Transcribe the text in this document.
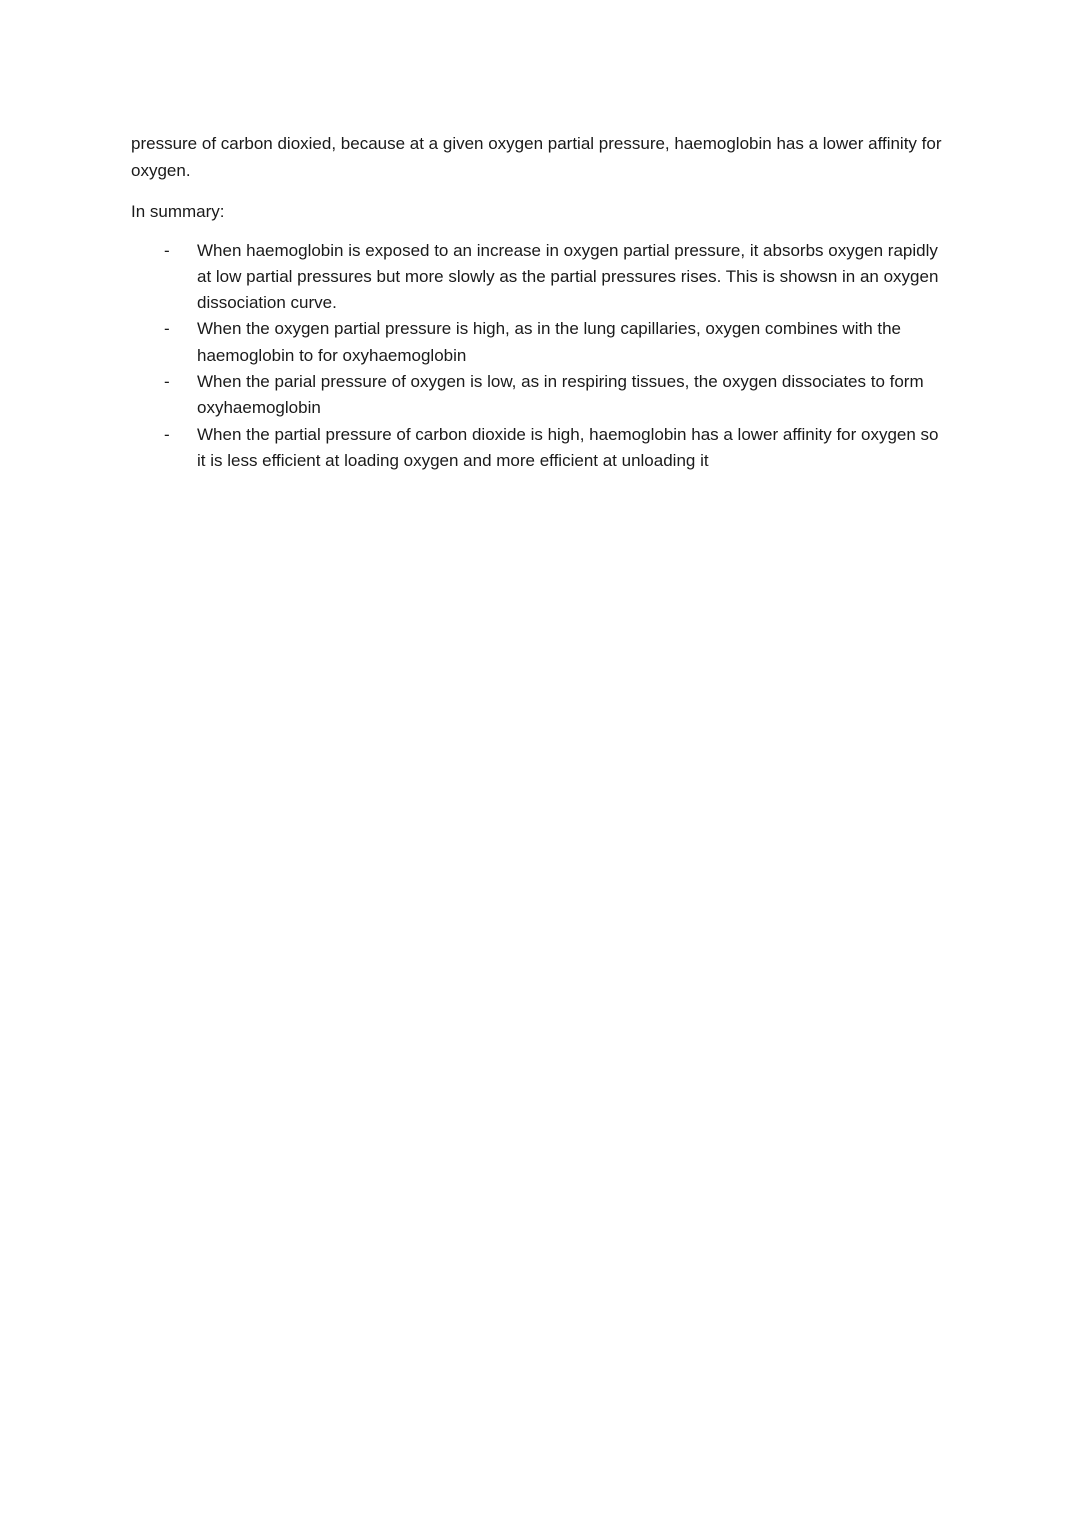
pressure of carbon dioxied, because at a given oxygen partial pressure, haemoglobin has a lower affinity for oxygen.

In summary:

- When haemoglobin is exposed to an increase in oxygen partial pressure, it absorbs oxygen rapidly at low partial pressures but more slowly as the partial pressures rises. This is showsn in an oxygen dissociation curve.
- When the oxygen partial pressure is high, as in the lung capillaries, oxygen combines with the haemoglobin to for oxyhaemoglobin
- When the parial pressure of oxygen is low, as in respiring tissues, the oxygen dissociates to form oxyhaemoglobin
- When the partial pressure of carbon dioxide is high, haemoglobin has a lower affinity for oxygen so it is less efficient at loading oxygen and more efficient at unloading it
